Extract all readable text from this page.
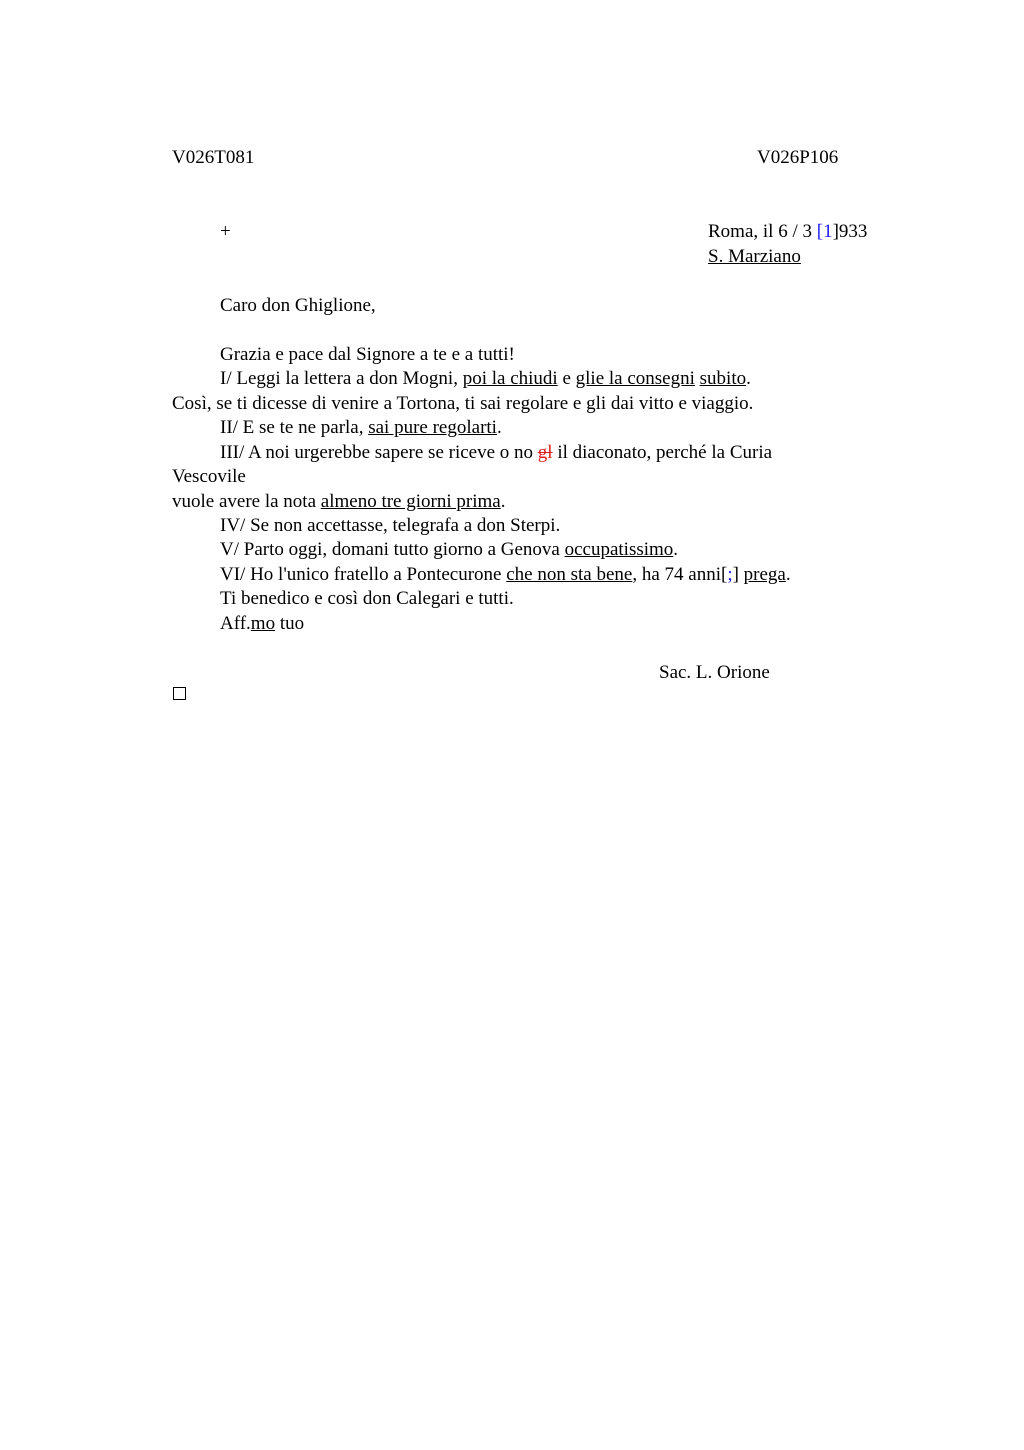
V026T081	V026P106
+	Roma, il 6 / 3 [1]933
S. Marziano
Caro don Ghiglione,
Grazia e pace dal Signore a te e a tutti!
I/ Leggi la lettera a don Mogni, poi la chiudi e glie la consegni subito.
Così, se ti dicesse di venire a Tortona, ti sai regolare e gli dai vitto e viaggio.
II/ E se te ne parla, sai pure regolarti.
III/ A noi urgerebbe sapere se riceve o no gl il diaconato, perché la Curia
Vescovile
vuole avere la nota almeno tre giorni prima.
IV/ Se non accettasse, telegrafa a don Sterpi.
V/ Parto oggi, domani tutto giorno a Genova occupatissimo.
VI/ Ho l'unico fratello a Pontecurone che non sta bene, ha 74 anni[;] prega.
Ti benedico e così don Calegari e tutti.
Aff.mo tuo
Sac. L. Orione
